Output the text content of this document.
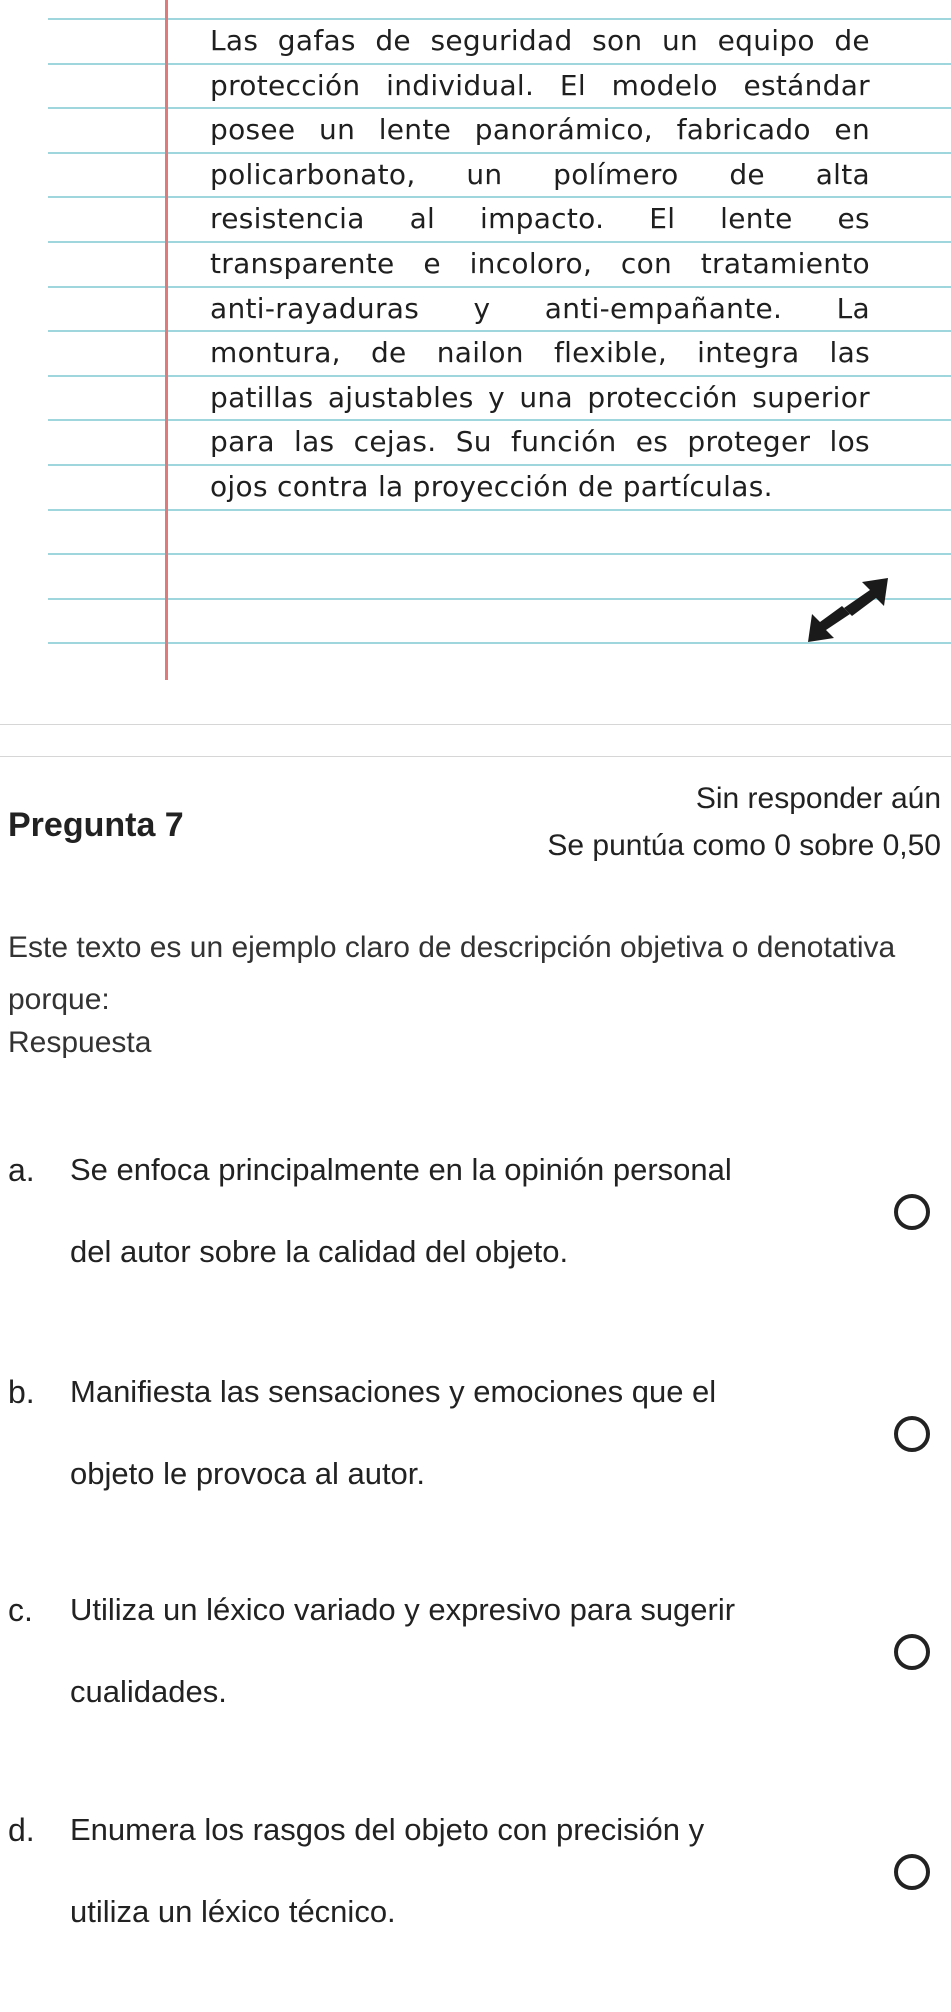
Las gafas de seguridad son un equipo de
protección individual. El modelo estándar
posee un lente panorámico, fabricado en
policarbonato, un polímero de alta
resistencia al impacto. El lente es
transparente e incoloro, con tratamiento
anti-rayaduras y anti-empañante. La
montura, de nailon flexible, integra las
patillas ajustables y una protección superior
para las cejas. Su función es proteger los
ojos contra la proyección de partículas.
Sin responder aún
Pregunta 7
Se puntúa como 0 sobre 0,50
Este texto es un ejemplo claro de descripción objetiva o denotativa porque:
Respuesta
a. Se enfoca principalmente en la opinión personal
del autor sobre la calidad del objeto.
b. Manifiesta las sensaciones y emociones que el
objeto le provoca al autor.
c. Utiliza un léxico variado y expresivo para sugerir
cualidades.
d. Enumera los rasgos del objeto con precisión y
utiliza un léxico técnico.
